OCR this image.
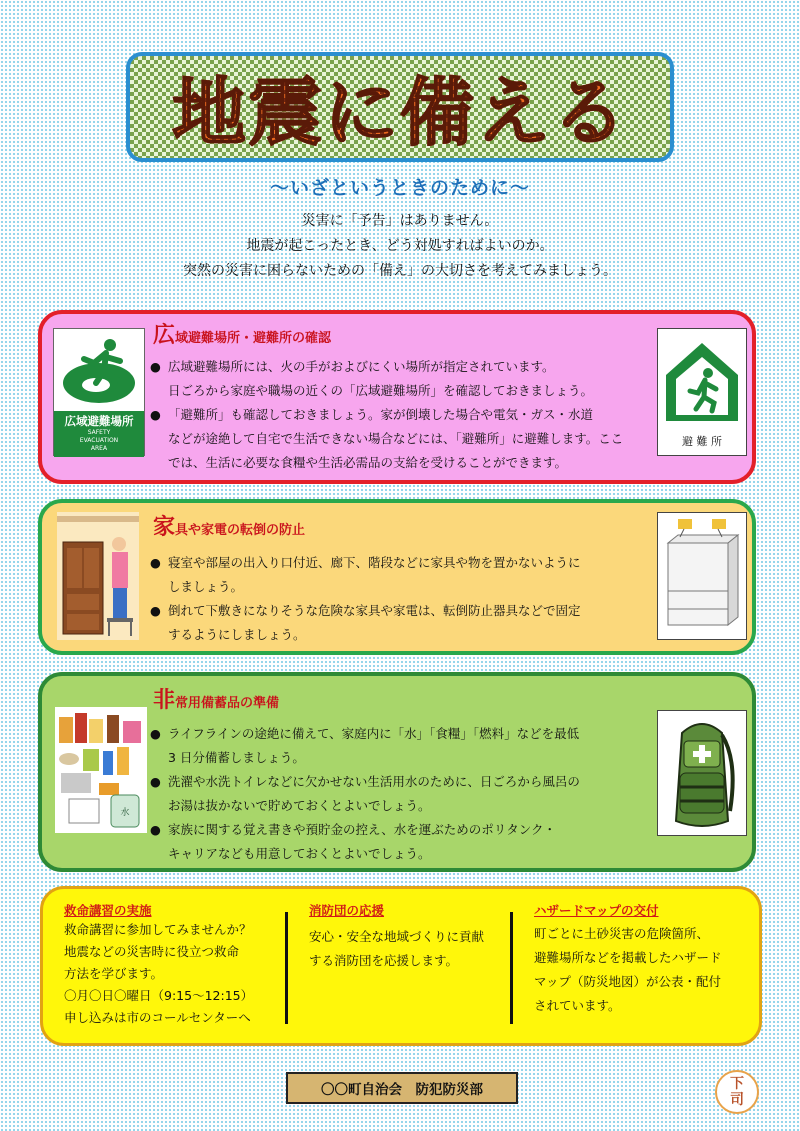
地震に備える
〜いざというときのために〜
災害に「予告」はありません。
地震が起こったとき、どう対処すればよいのか。
突然の災害に困らないための「備え」の大切さを考えてみましょう。
広域避難場所
SAFETY
EVACUATION
AREA
広域避難場所・避難所の確認
● 広域避難場所には、火の手がおよびにくい場所が指定されています。
日ごろから家庭や職場の近くの「広域避難場所」を確認しておきましょう。
● 「避難所」も確認しておきましょう。家が倒壊した場合や電気・ガス・水道
などが途絶して自宅で生活できない場合などには、「避難所」に避難します。ここ
では、生活に必要な食糧や生活必需品の支給を受けることができます。
避 難 所
家具や家電の転倒の防止
● 寝室や部屋の出入り口付近、廊下、階段などに家具や物を置かないように
しましょう。
● 倒れて下敷きになりそうな危険な家具や家電は、転倒防止器具などで固定
するようにしましょう。
水
非常用備蓄品の準備
● ライフラインの途絶に備えて、家庭内に「水」「食糧」「燃料」などを最低
3 日分備蓄しましょう。
● 洗濯や水洗トイレなどに欠かせない生活用水のために、日ごろから風呂の
お湯は抜かないで貯めておくとよいでしょう。
● 家族に関する覚え書きや預貯金の控え、水を運ぶためのポリタンク・
キャリアなども用意しておくとよいでしょう。
救命講習の実施
救命講習に参加してみませんか？
地震などの災害時に役立つ救命
方法を学びます。
〇月〇日〇曜日（9:15〜12:15）
申し込みは市のコールセンターへ
消防団の応援
安心・安全な地域づくりに貢献
する消防団を応援します。
ハザードマップの交付
町ごとに土砂災害の危険箇所、
避難場所などを掲載したハザード
マップ（防災地図）が公表・配付
されています。
〇〇町自治会　防犯防災部	下
司
